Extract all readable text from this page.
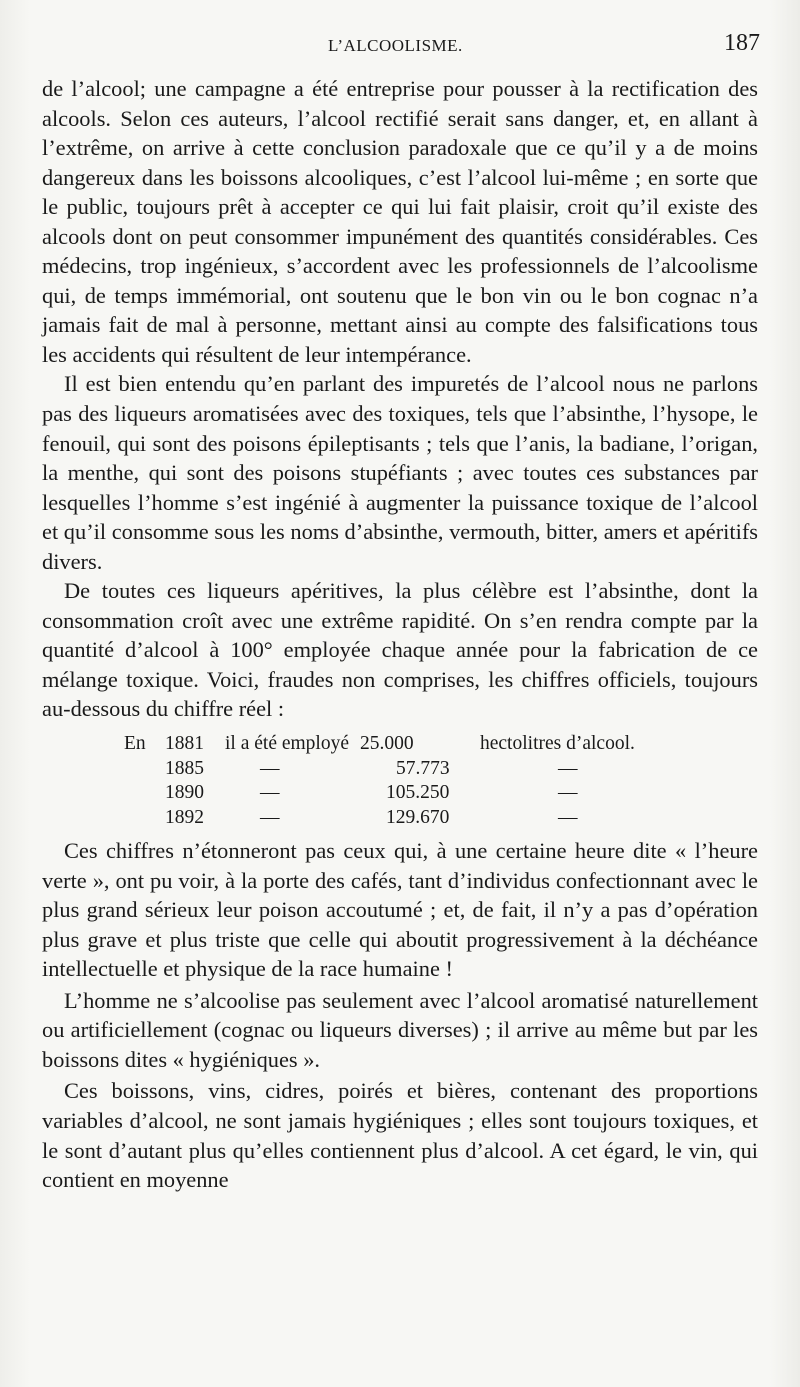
L’ALCOOLISME.	187

de l’alcool; une campagne a été entreprise pour pousser à la rectification des alcools. Selon ces auteurs, l’alcool rectifié serait sans danger, et, en allant à l’extrême, on arrive à cette conclusion paradoxale que ce qu’il y a de moins dangereux dans les boissons alcooliques, c’est l’alcool lui-même ; en sorte que le public, toujours prêt à accepter ce qui lui fait plaisir, croit qu’il existe des alcools dont on peut consommer impunément des quantités considérables. Ces médecins, trop ingénieux, s’accordent avec les professionnels de l’alcoolisme qui, de temps immémorial, ont soutenu que le bon vin ou le bon cognac n’a jamais fait de mal à personne, mettant ainsi au compte des falsifications tous les accidents qui résultent de leur intempérance.

Il est bien entendu qu’en parlant des impuretés de l’alcool nous ne parlons pas des liqueurs aromatisées avec des toxiques, tels que l’absinthe, l’hysope, le fenouil, qui sont des poisons épileptisants ; tels que l’anis, la badiane, l’origan, la menthe, qui sont des poisons stupéfiants ; avec toutes ces substances par lesquelles l’homme s’est ingénié à augmenter la puissance toxique de l’alcool et qu’il consomme sous les noms d’absinthe, vermouth, bitter, amers et apéritifs divers.

De toutes ces liqueurs apéritives, la plus célèbre est l’absinthe, dont la consommation croît avec une extrême rapidité. On s’en rendra compte par la quantité d’alcool à 100° employée chaque année pour la fabrication de ce mélange toxique. Voici, fraudes non comprises, les chiffres officiels, toujours au-dessous du chiffre réel :

En 1881 il a été employé 25.000	hectolitres d’alcool.
1885	—	57.773	—
1890	—	105.250	—
1892	—	129.670	—

Ces chiffres n’étonneront pas ceux qui, à une certaine heure dite « l’heure verte », ont pu voir, à la porte des cafés, tant d’individus confectionnant avec le plus grand sérieux leur poison accoutumé ; et, de fait, il n’y a pas d’opération plus grave et plus triste que celle qui aboutit progressivement à la déchéance intellectuelle et physique de la race humaine !

L’homme ne s’alcoolise pas seulement avec l’alcool aromatisé naturellement ou artificiellement (cognac ou liqueurs diverses) ; il arrive au même but par les boissons dites « hygiéniques ».

Ces boissons, vins, cidres, poirés et bières, contenant des proportions variables d’alcool, ne sont jamais hygiéniques ; elles sont toujours toxiques, et le sont d’autant plus qu’elles contiennent plus d’alcool. A cet égard, le vin, qui contient en moyenne
